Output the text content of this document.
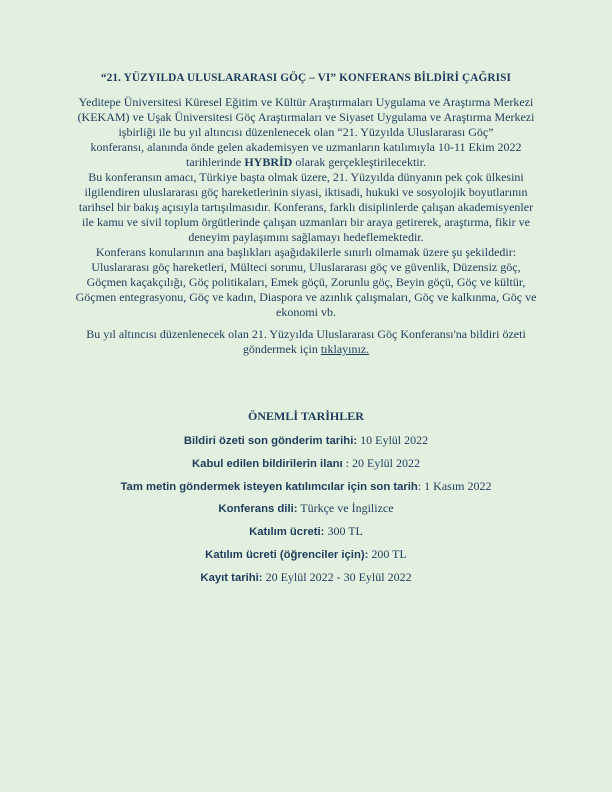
“21. YÜZYILDA ULUSLARARASI GÖÇ – VI” KONFERANS BİLDİRİ ÇAĞRISI

Yeditepe Üniversitesi Küresel Eğitim ve Kültür Araştırmaları Uygulama ve Araştırma Merkezi
(KEKAM) ve Uşak Üniversitesi Göç Araştırmaları ve Siyaset Uygulama ve Araştırma Merkezi
işbirliği ile bu yıl altıncısı düzenlenecek olan “21. Yüzyılda Uluslararası Göç”
konferansı, alanında önde gelen akademisyen ve uzmanların katılımıyla 10-11 Ekim 2022
tarihlerinde HYBRİD olarak gerçekleştirilecektir.

Bu konferansın amacı, Türkiye başta olmak üzere, 21. Yüzyılda dünyanın pek çok ülkesini
ilgilendiren uluslararası göç hareketlerinin siyasi, iktisadi, hukuki ve sosyolojik boyutlarının
tarihsel bir bakış açısıyla tartışılmasıdır. Konferans, farklı disiplinlerde çalışan akademisyenler
ile kamu ve sivil toplum örgütlerinde çalışan uzmanları bir araya getirerek, araştırma, fikir ve
deneyim paylaşımını sağlamayı hedeflemektedir.

Konferans konularının ana başlıkları aşağıdakilerle sınırlı olmamak üzere şu şekildedir:
Uluslararası göç hareketleri, Mülteci sorunu, Uluslararası göç ve güvenlik, Düzensiz göç,
Göçmen kaçakçılığı, Göç politikaları, Emek göçü, Zorunlu göç, Beyin göçü, Göç ve kültür,
Göçmen entegrasyonu, Göç ve kadın, Diaspora ve azınlık çalışmaları, Göç ve kalkınma, Göç ve
ekonomi vb.

Bu yıl altıncısı düzenlenecek olan 21. Yüzyılda Uluslararası Göç Konferansı'na bildiri özeti
göndermek için tıklayınız.

ÖNEMLİ TARİHLER
Bildiri özeti son gönderim tarihi: 10 Eylül 2022
Kabul edilen bildirilerin ilanı : 20 Eylül 2022
Tam metin göndermek isteyen katılımcılar için son tarih: 1 Kasım 2022
Konferans dili: Türkçe ve İngilizce
Katılım ücreti: 300 TL
Katılım ücreti (öğrenciler için): 200 TL
Kayıt tarihi: 20 Eylül 2022 - 30 Eylül 2022
